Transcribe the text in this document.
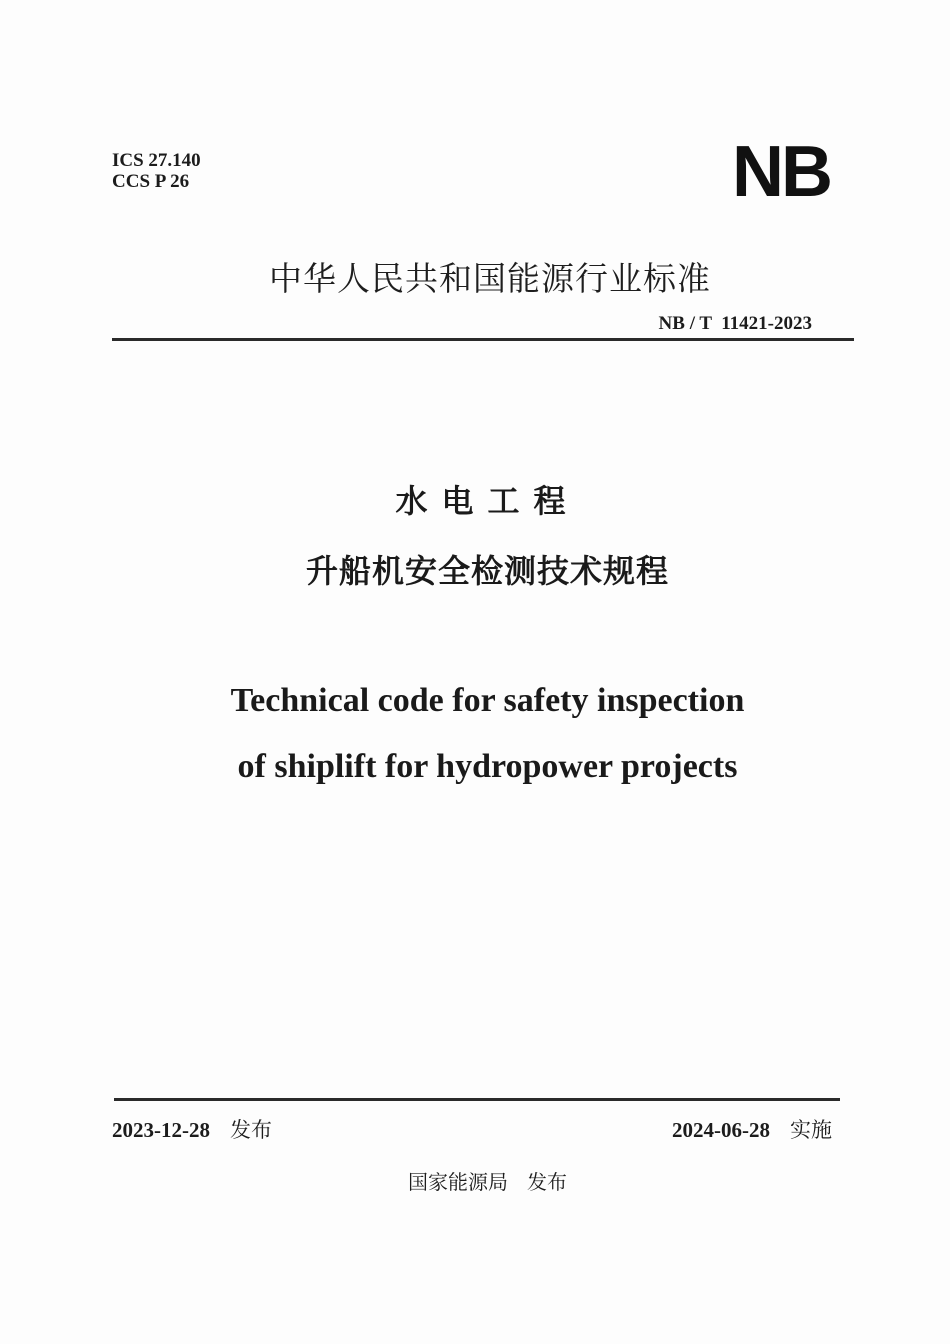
ICS 27.140
CCS P 26	NB
中华人民共和国能源行业标准
NB / T  11421-2023
水电工程
升船机安全检测技术规程
Technical code for safety inspection
of shiplift for hydropower projects
2023-12-28 发布	2024-06-28 实施
国家能源局 发布
